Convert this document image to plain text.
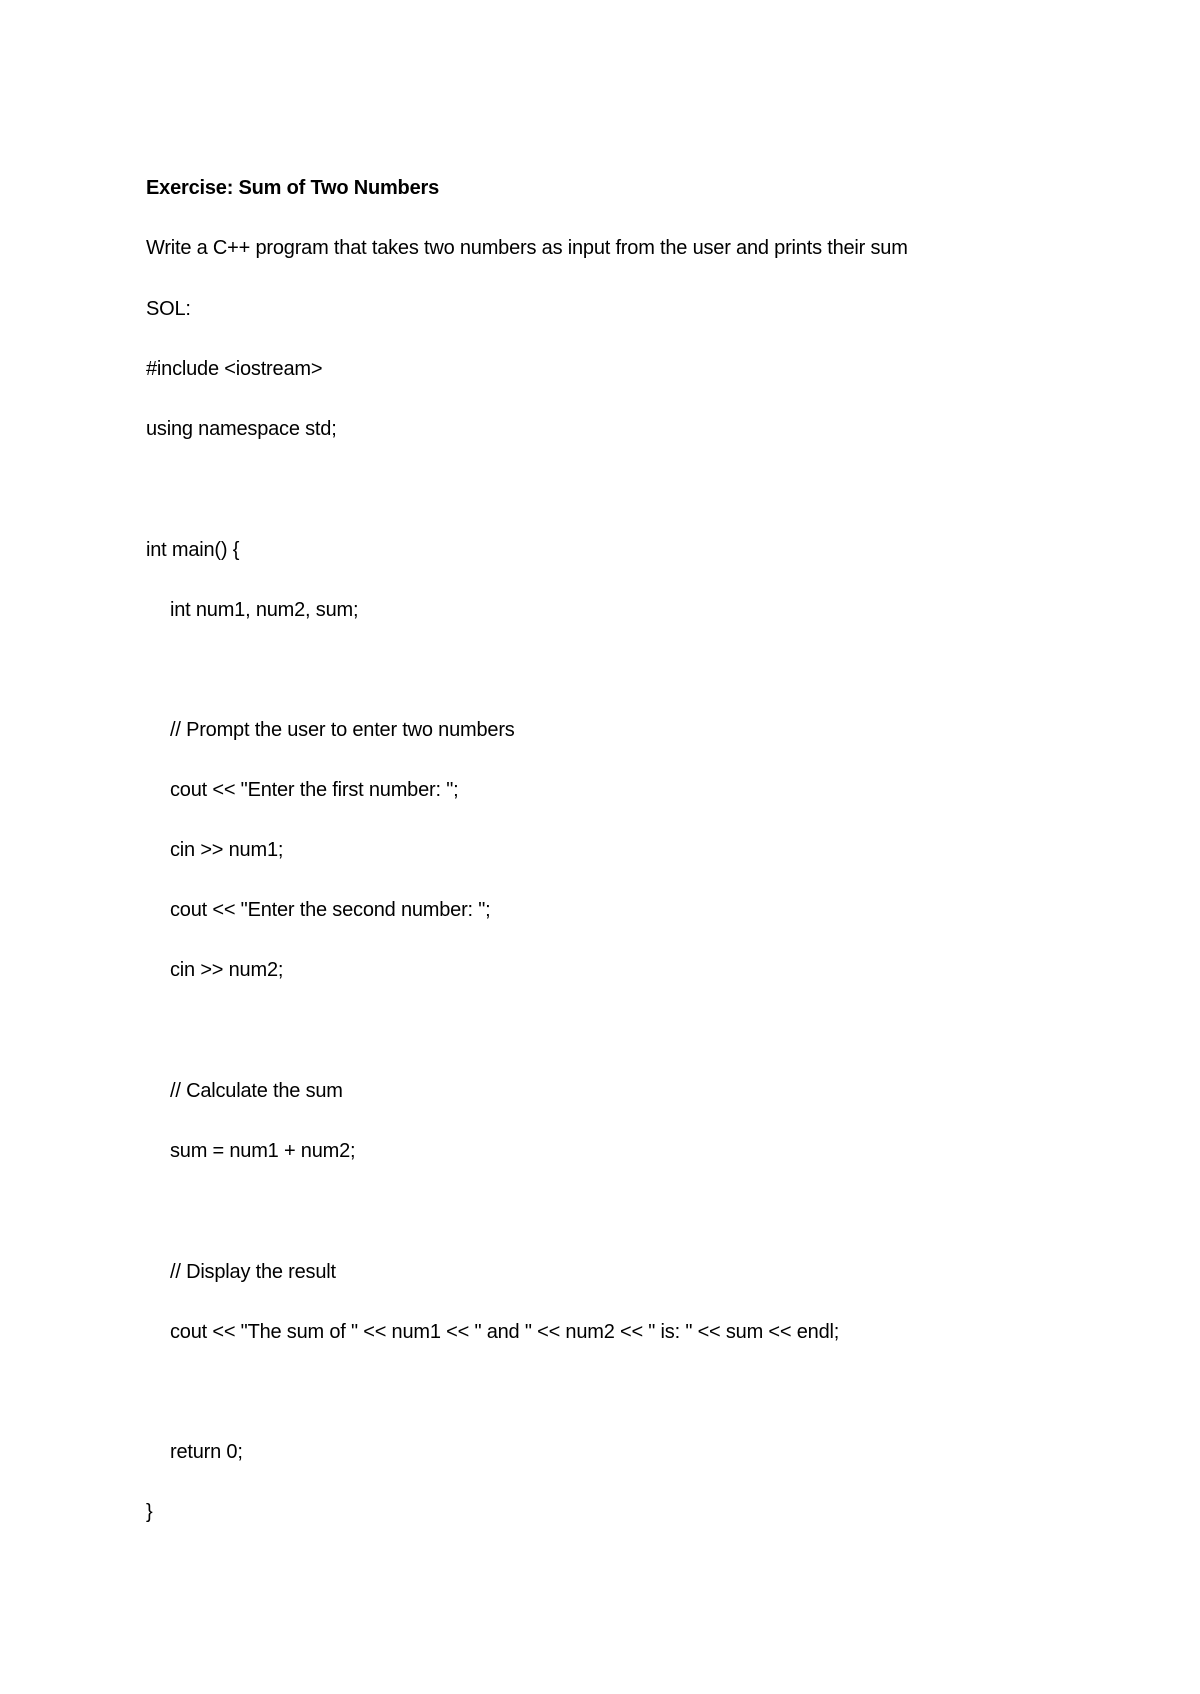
Exercise: Sum of Two Numbers
Write a C++ program that takes two numbers as input from the user and prints their sum
SOL:
#include <iostream>
using namespace std;
int main() {
int num1, num2, sum;
// Prompt the user to enter two numbers
cout << "Enter the first number: ";
cin >> num1;
cout << "Enter the second number: ";
cin >> num2;
// Calculate the sum
sum = num1 + num2;
// Display the result
cout << "The sum of " << num1 << " and " << num2 << " is: " << sum << endl;
return 0;
}
